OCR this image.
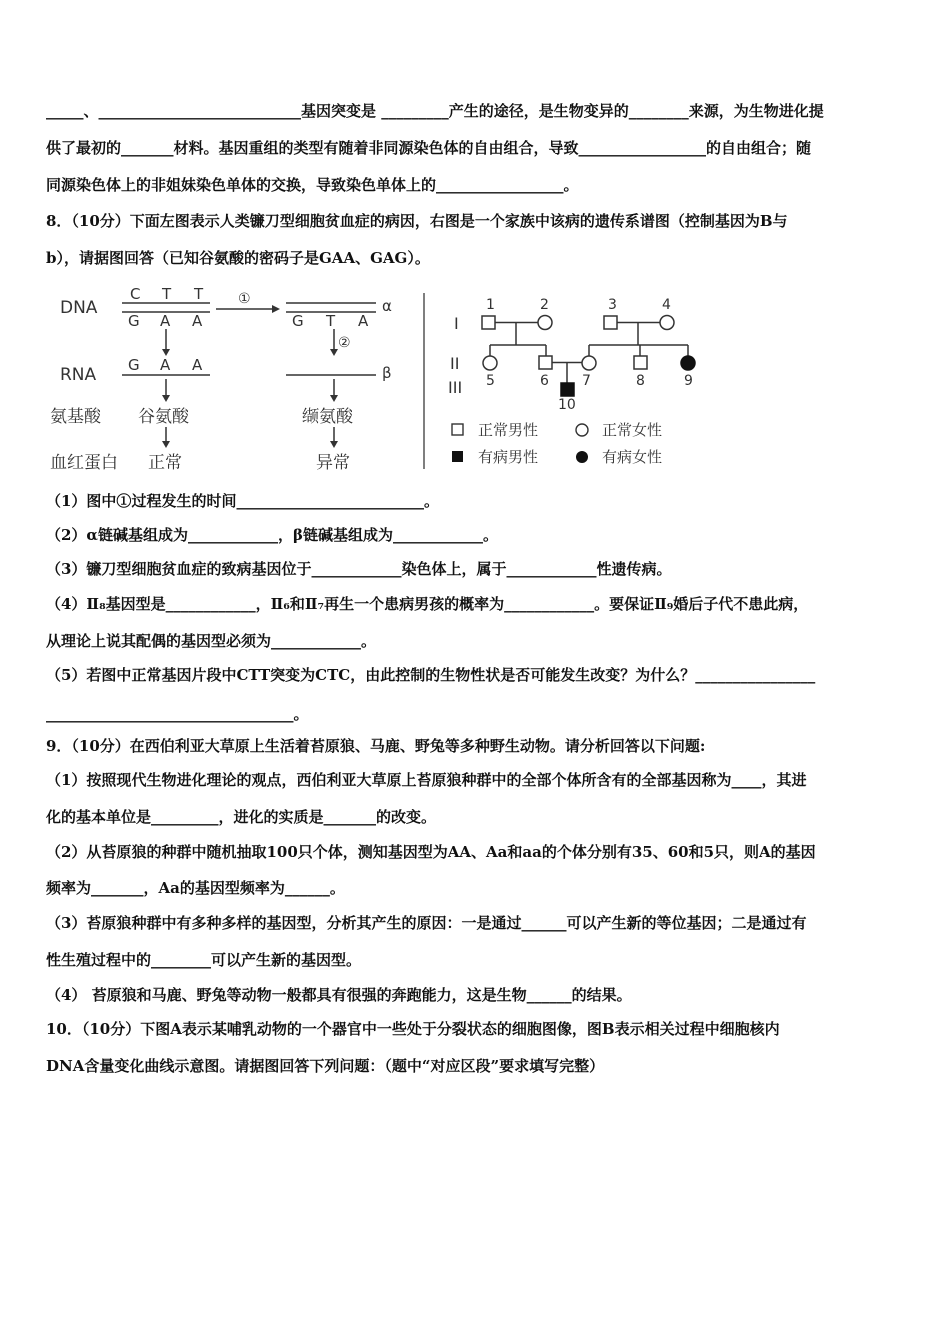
_____、___________________________基因突变是 _________产生的途径，是生物变异的________来源，为生物进化提
供了最初的_______材料。基因重组的类型有随着非同源染色体的自由组合，导致_________________的自由组合；随
同源染色体上的非姐妹染色单体的交换，导致染色单体上的_________________。
8．（10分）下面左图表示人类镰刀型细胞贫血症的病因，右图是一个家族中该病的遗传系谱图（控制基因为B与
b），请据图回答（已知谷氨酸的密码子是GAA、GAG）。
DNA
RNA
氨基酸
血红蛋白
C T T
G A A
G A A
谷氨酸
正常
①	α
G T A
②
β
缬氨酸
异常
I
II
III
1	2	3	4
5	6 7	8	9
10
正常男性	正常女性
有病男性	有病女性
（1）图中①过程发生的时间_________________________。
（2）α链碱基组成为____________，β链碱基组成为____________。
（3）镰刀型细胞贫血症的致病基因位于____________染色体上，属于____________性遗传病。
（4）Ⅱ₈基因型是____________，Ⅱ₆和Ⅱ₇再生一个患病男孩的概率为____________。要保证Ⅱ₉婚后子代不患此病，
从理论上说其配偶的基因型必须为____________。
（5）若图中正常基因片段中CTT突变为CTC，由此控制的生物性状是否可能发生改变？为什么？________________
_________________________________。
9．（10分）在西伯利亚大草原上生活着苔原狼、马鹿、野兔等多种野生动物。请分析回答以下问题:
（1）按照现代生物进化理论的观点，西伯利亚大草原上苔原狼种群中的全部个体所含有的全部基因称为____，其进
化的基本单位是_________，进化的实质是_______的改变。
（2）从苔原狼的种群中随机抽取100只个体，测知基因型为AA、Aa和aa的个体分别有35、60和5只，则A的基因
频率为_______，Aa的基因型频率为______。
（3）苔原狼种群中有多种多样的基因型，分析其产生的原因：一是通过______可以产生新的等位基因；二是通过有
性生殖过程中的________可以产生新的基因型。
（4） 苔原狼和马鹿、野兔等动物一般都具有很强的奔跑能力，这是生物______的结果。
10．（10分）下图A表示某哺乳动物的一个器官中一些处于分裂状态的细胞图像，图B表示相关过程中细胞核内
DNA含量变化曲线示意图。请据图回答下列问题：（题中“对应区段”要求填写完整）
